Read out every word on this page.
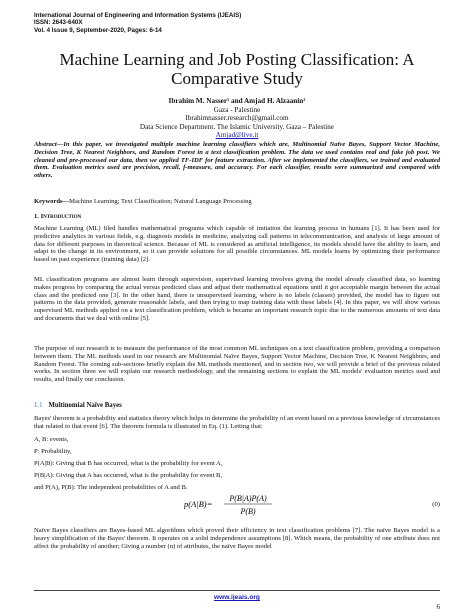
International Journal of Engineering and Information Systems (IJEAIS)
ISSN: 2643-640X
Vol. 4 Issue 9, September-2020, Pages: 6-14
Machine Learning and Job Posting Classification: A
Comparative Study
Ibrahim M. Nasser¹ and Amjad H. Alzaanin²
Gaza - Palestine
Ibrahimnasser.research@gmail.com
Data Science Department. The Islamic University. Gaza – Palestine
Amjad@live.it
Abstract—In this paper, we investigated multiple machine learning classifiers which are, Multinomial Naïve Bayes, Support Vector Machine, Decision Tree, K Nearest Neighbors, and Random Forest in a text classification problem. The data we used contains real and fake job post. We cleaned and pre-processed our data, then we applied TF-IDF for feature extraction. After we implemented the classifiers, we trained and evaluated them. Evaluation metrics used are precision, recall, f-measure, and accuracy. For each classifier, results were summarized and compared with others.
Keywords—Machine Learning; Text Classification; Natural Language Processing
1. Introduction
Machine Learning (ML) filed handles mathematical programs which capable of imitation the learning process in humans [1]. It has been used for predictive analytics in various fields, e.g. diagnosis models in medicine, analyzing call patterns in telecommunication, and analysis of large amount of data for different purposes in theoretical science. Because of ML is considered as artificial intelligence, its models should have the ability to learn, and adapt to the change in its environment, so it can provide solutions for all possible circumstances. ML models learns by optimizing their performance based on past experience (training data) [2].
ML classification programs are almost learn through supervision, supervised learning involves giving the model already classified data, so learning makes progress by comparing the actual versus predicted class and adjust their mathematical equations until it got acceptable margin between the actual class and the predicted one [3]. In the other hand, there is unsupervised learning, where is no labels (classes) provided, the model has to figure out patterns in the data provided, generate reasonable labels, and then trying to map training data with these labels [4]. In this paper, we will show various supervised ML methods applied on a text classification problem, which is became an important research topic due to the numerous amounts of text data and documents that we deal with online [5].
The purpose of our research is to measure the performance of the most common ML techniques on a text classification problem, providing a comparison between them. The ML methods used in our research are Multinomial Naïve Bayes, Support Vector Machine, Decision Tree, K Nearest Neighbors, and Random Forest. The coming sub-sections briefly explain the ML methods mentioned, and in section two, we will provide a brief of the previous related works. In section three we will explain our research methodology, and the remaining sections to explain the ML models' evaluation metrics used and results, and finally our conclusion.
1.1 Multinomial Naïve Bayes
Bayes' theorem is a probability and statistics theory which helps in determine the probability of an event based on a previous knowledge of circumstances that related to that event [6]. The theorem formula is illustrated in Eq. (1). Letting that:
A, B: events,
P: Probability,
P(A|B): Giving that B has occurred, what is the probability for event A,
P(B|A): Giving that A has occurred, what is the probability for event B,
and P(A), P(B): The independent probabilities of A and B.
p(A|B)=
P(B|A)P(A)
P(B)
(0)
Naïve Bayes classifiers are Bayes-based ML algorithms which proved their efficiency in text classification problems [7]. The naïve Bayes model is a heavy simplification of the Bayes' theorem. It operates on a solid independence assumptions [8]. Which means, the probability of one attribute does not affect the probability of another; Giving a number (n) of attributes, the naïve Bayes model
www.ijeais.org
6
